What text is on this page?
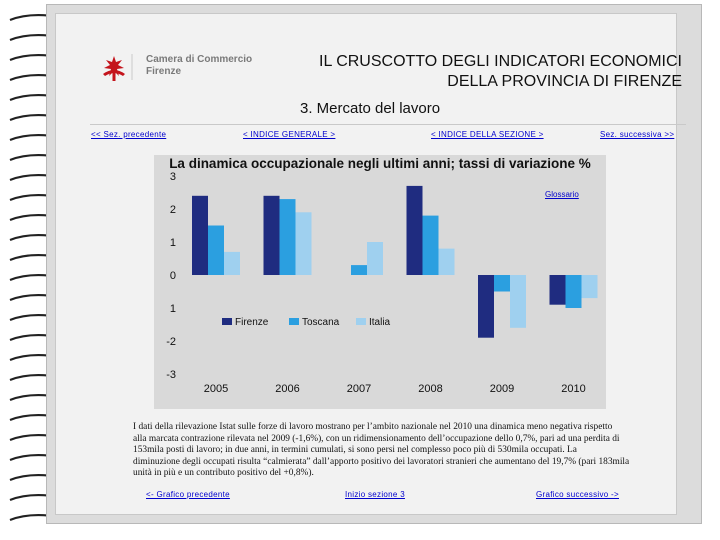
Camera di Commercio
Firenze
IL CRUSCOTTO DEGLI INDICATORI ECONOMICI
DELLA PROVINCIA DI FIRENZE
3. Mercato del lavoro
<< Sez. precedente	< INDICE GENERALE >	< INDICE DELLA SEZIONE >	Sez. successiva >>
La dinamica occupazionale negli ultimi anni; tassi di variazione %
3
2
1
0
1
-2
-3
2005	2006	2007	2008	2009	2010
Firenze	Toscana	Italia
Glossario
I dati della rilevazione Istat sulle forze di lavoro mostrano per l’ambito nazionale nel 2010 una dinamica meno negativa rispetto
alla marcata contrazione rilevata nel 2009 (-1,6%), con un ridimensionamento dell’occupazione dello 0,7%, pari ad una perdita di
153mila posti di lavoro; in due anni, in termini cumulati, si sono persi nel complesso poco più di 530mila occupati. La
diminuzione degli occupati risulta “calmierata” dall’apporto positivo dei lavoratori stranieri che aumentano del 19,7% (pari 183mila
unità in più e un contributo positivo del +0,8%).
<- Grafico precedente	Inizio sezione 3	Grafico successivo ->
